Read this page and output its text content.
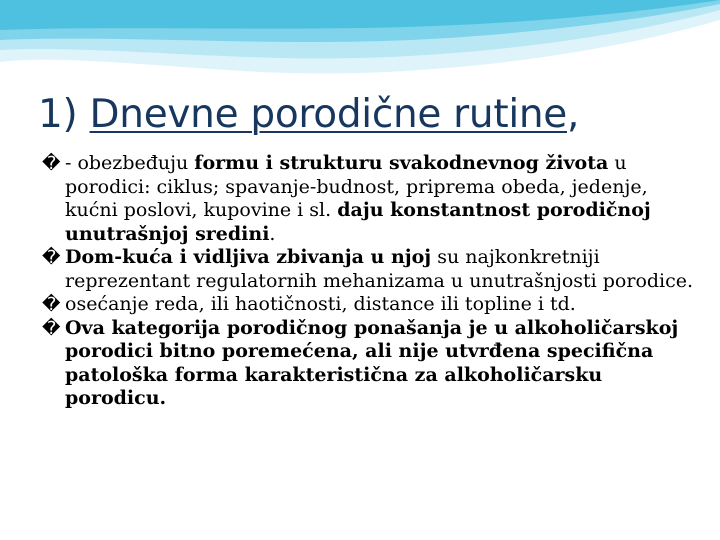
1) Dnevne porodične rutine,

� - obezbeđuju formu i strukturu svakodnevnog života u porodici: ciklus; spavanje-budnost, priprema obeda, jedenje, kućni poslovi, kupovine i sl. daju konstantnost porodičnoj unutrašnjoj sredini.

� Dom-kuća i vidljiva zbivanja u njoj su najkonkretniji reprezentant regulatornih mehanizama u unutrašnjosti porodice.

� osećanje reda, ili haotičnosti, distance ili topline i td.

� Ova kategorija porodičnog ponašanja je u alkoholičarskoj porodici bitno poremećena, ali nije utvrđena specifična patološka forma karakteristična za alkoholičarsku porodicu.
